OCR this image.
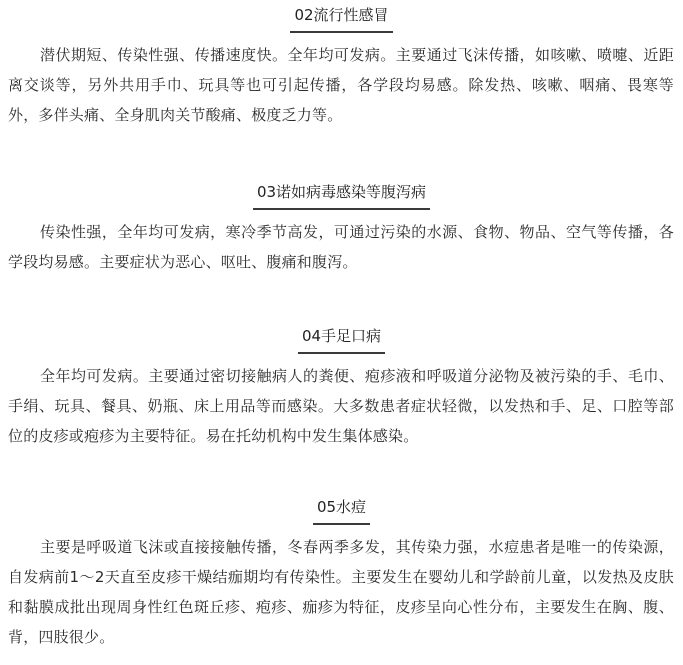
02流行性感冒

潜伏期短、传染性强、传播速度快。全年均可发病。主要通过飞沫传播，如咳嗽、喷嚏、近距离交谈等，另外共用手巾、玩具等也可引起传播，各学段均易感。除发热、咳嗽、咽痛、畏寒等外，多伴头痛、全身肌肉关节酸痛、极度乏力等。

03诺如病毒感染等腹泻病

传染性强，全年均可发病，寒冷季节高发，可通过污染的水源、食物、物品、空气等传播，各学段均易感。主要症状为恶心、呕吐、腹痛和腹泻。

04手足口病

全年均可发病。主要通过密切接触病人的粪便、疱疹液和呼吸道分泌物及被污染的手、毛巾、手绢、玩具、餐具、奶瓶、床上用品等而感染。大多数患者症状轻微，以发热和手、足、口腔等部位的皮疹或疱疹为主要特征。易在托幼机构中发生集体感染。

05水痘

主要是呼吸道飞沫或直接接触传播，冬春两季多发，其传染力强，水痘患者是唯一的传染源，自发病前1～2天直至皮疹干燥结痂期均有传染性。主要发生在婴幼儿和学龄前儿童，以发热及皮肤和黏膜成批出现周身性红色斑丘疹、疱疹、痂疹为特征，皮疹呈向心性分布，主要发生在胸、腹、背，四肢很少。
